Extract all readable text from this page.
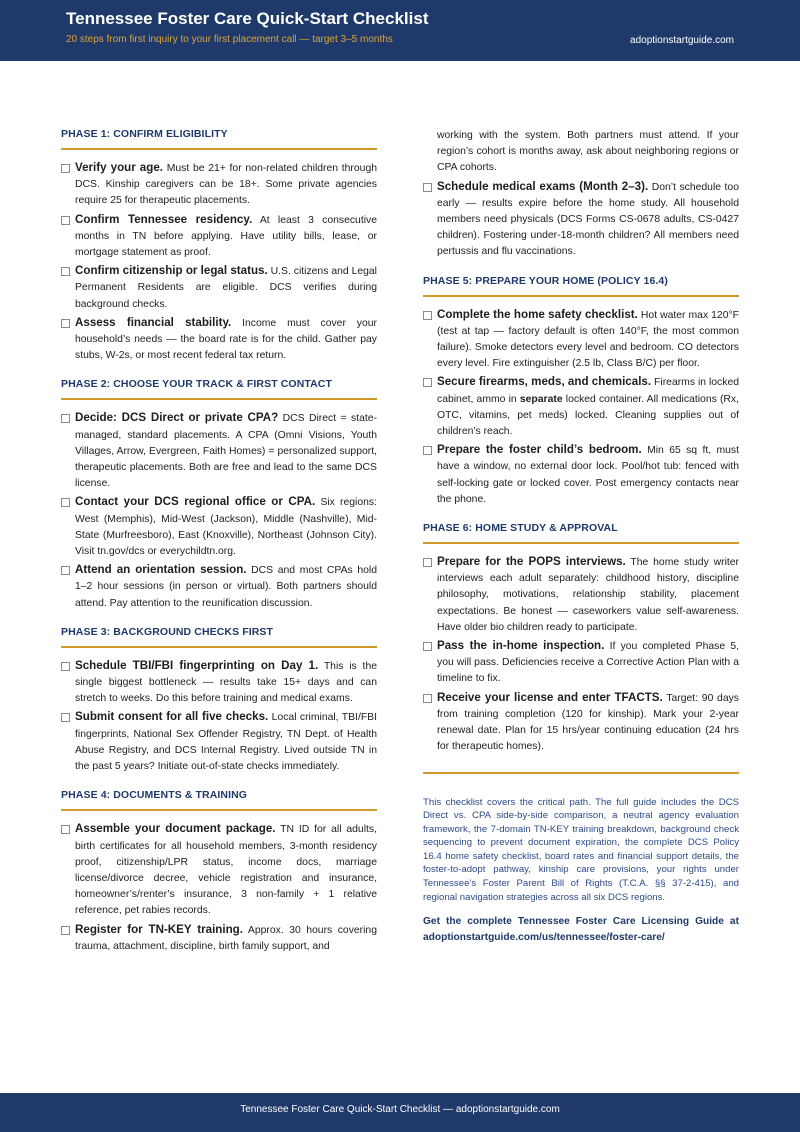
Tennessee Foster Care Quick-Start Checklist
20 steps from first inquiry to your first placement call — target 3–5 months	adoptionstartguide.com
PHASE 1: CONFIRM ELIGIBILITY
Verify your age. Must be 21+ for non-related children through DCS. Kinship caregivers can be 18+. Some private agencies require 25 for therapeutic placements.
Confirm Tennessee residency. At least 3 consecutive months in TN before applying. Have utility bills, lease, or mortgage statement as proof.
Confirm citizenship or legal status. U.S. citizens and Legal Permanent Residents are eligible. DCS verifies during background checks.
Assess financial stability. Income must cover your household’s needs — the board rate is for the child. Gather pay stubs, W-2s, or most recent federal tax return.
PHASE 2: CHOOSE YOUR TRACK & FIRST CONTACT
Decide: DCS Direct or private CPA? DCS Direct = state-managed, standard placements. A CPA (Omni Visions, Youth Villages, Arrow, Evergreen, Faith Homes) = personalized support, therapeutic placements. Both are free and lead to the same DCS license.
Contact your DCS regional office or CPA. Six regions: West (Memphis), Mid-West (Jackson), Middle (Nashville), Mid-State (Murfreesboro), East (Knoxville), Northeast (Johnson City). Visit tn.gov/dcs or everychildtn.org.
Attend an orientation session. DCS and most CPAs hold 1–2 hour sessions (in person or virtual). Both partners should attend. Pay attention to the reunification discussion.
PHASE 3: BACKGROUND CHECKS FIRST
Schedule TBI/FBI fingerprinting on Day 1. This is the single biggest bottleneck — results take 15+ days and can stretch to weeks. Do this before training and medical exams.
Submit consent for all five checks. Local criminal, TBI/FBI fingerprints, National Sex Offender Registry, TN Dept. of Health Abuse Registry, and DCS Internal Registry. Lived outside TN in the past 5 years? Initiate out-of-state checks immediately.
PHASE 4: DOCUMENTS & TRAINING
Assemble your document package. TN ID for all adults, birth certificates for all household members, 3-month residency proof, citizenship/LPR status, income docs, marriage license/divorce decree, vehicle registration and insurance, homeowner’s/renter’s insurance, 3 non-family + 1 relative reference, pet rabies records.
Register for TN-KEY training. Approx. 30 hours covering trauma, attachment, discipline, birth family support, and
working with the system. Both partners must attend. If your region’s cohort is months away, ask about neighboring regions or CPA cohorts.
Schedule medical exams (Month 2–3). Don’t schedule too early — results expire before the home study. All household members need physicals (DCS Forms CS-0678 adults, CS-0427 children). Fostering under-18-month children? All members need pertussis and flu vaccinations.
PHASE 5: PREPARE YOUR HOME (POLICY 16.4)
Complete the home safety checklist. Hot water max 120°F (test at tap — factory default is often 140°F, the most common failure). Smoke detectors every level and bedroom. CO detectors every level. Fire extinguisher (2.5 lb, Class B/C) per floor.
Secure firearms, meds, and chemicals. Firearms in locked cabinet, ammo in separate locked container. All medications (Rx, OTC, vitamins, pet meds) locked. Cleaning supplies out of children’s reach.
Prepare the foster child’s bedroom. Min 65 sq ft, must have a window, no external door lock. Pool/hot tub: fenced with self-locking gate or locked cover. Post emergency contacts near the phone.
PHASE 6: HOME STUDY & APPROVAL
Prepare for the POPS interviews. The home study writer interviews each adult separately: childhood history, discipline philosophy, motivations, relationship stability, placement expectations. Be honest — caseworkers value self-awareness. Have older bio children ready to participate.
Pass the in-home inspection. If you completed Phase 5, you will pass. Deficiencies receive a Corrective Action Plan with a timeline to fix.
Receive your license and enter TFACTS. Target: 90 days from training completion (120 for kinship). Mark your 2-year renewal date. Plan for 15 hrs/year continuing education (24 hrs for therapeutic homes).
This checklist covers the critical path. The full guide includes the DCS Direct vs. CPA side-by-side comparison, a neutral agency evaluation framework, the 7-domain TN-KEY training breakdown, background check sequencing to prevent document expiration, the complete DCS Policy 16.4 home safety checklist, board rates and financial support details, the foster-to-adopt pathway, kinship care provisions, your rights under Tennessee’s Foster Parent Bill of Rights (T.C.A. §§ 37-2-415), and regional navigation strategies across all six DCS regions.
Get the complete Tennessee Foster Care Licensing Guide at adoptionstartguide.com/us/tennessee/foster-care/
Tennessee Foster Care Quick-Start Checklist — adoptionstartguide.com
